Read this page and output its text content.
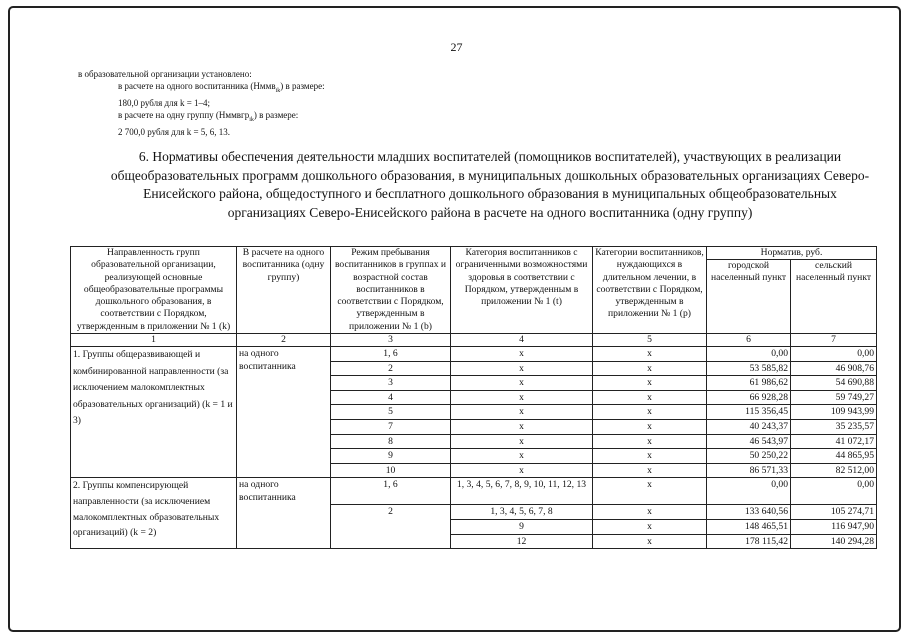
27
в образовательной организации установлено:
в расчете на одного воспитанника (Нммв$_{ik}$) в размере:
180,0 рубля для k = 1–4;
в расчете на одну группу (Нммвгр$_{ik}$) в размере:
2 700,0 рубля для k = 5, 6, 13.
6. Нормативы обеспечения деятельности младших воспитателей (помощников воспитателей), участвующих в реализации общеобразовательных программ дошкольного образования, в муниципальных дошкольных образовательных организациях Северо-Енисейского района, общедоступного и бесплатного дошкольного образования в муниципальных общеобразовательных организациях Северо-Енисейского района в расчете на одного воспитанника (одну группу)
Направленность групп образовательной организации, реализующей основные общеобразовательные программы дошкольного образования, в соответствии с Порядком, утвержденным в приложении № 1 (k)	В расчете на одного воспитанника (одну группу)	Режим пребывания воспитанников в группах и возрастной состав воспитанников в соответствии с Порядком, утвержденным в приложении № 1 (b)	Категория воспитанников с ограниченными возможностями здоровья в соответствии с Порядком, утвержденным в приложении № 1 (t)	Категории воспитанников, нуждающихся в длительном лечении, в соответствии с Порядком, утвержденным в приложении № 1 (p)	Норматив, руб.	
					городской населенный пункт	сельский населенный пункт
1	2	3	4	5	6	7
1. Группы общеразвивающей и комбинированной направленности (за исключением малокомплектных образовательных организаций) (k = 1 и 3)	на одного воспитанника	1, 6	x	x	0,00	0,00
		2	x	x	53 585,82	46 908,76
		3	x	x	61 986,62	54 690,88
		4	x	x	66 928,28	59 749,27
		5	x	x	115 356,45	109 943,99
		7	x	x	40 243,37	35 235,57
		8	x	x	46 543,97	41 072,17
		9	x	x	50 250,22	44 865,95
		10	x	x	86 571,33	82 512,00
2. Группы компенсирующей направленности (за исключением малокомплектных образовательных организаций) (k = 2)	на одного воспитанника	1, 6	1, 3, 4, 5, 6, 7, 8, 9, 10, 11, 12, 13	x	0,00	0,00
		2	1, 3, 4, 5, 6, 7, 8	x	133 640,56	105 274,71
			9	x	148 465,51	116 947,90
			12	x	178 115,42	140 294,28
